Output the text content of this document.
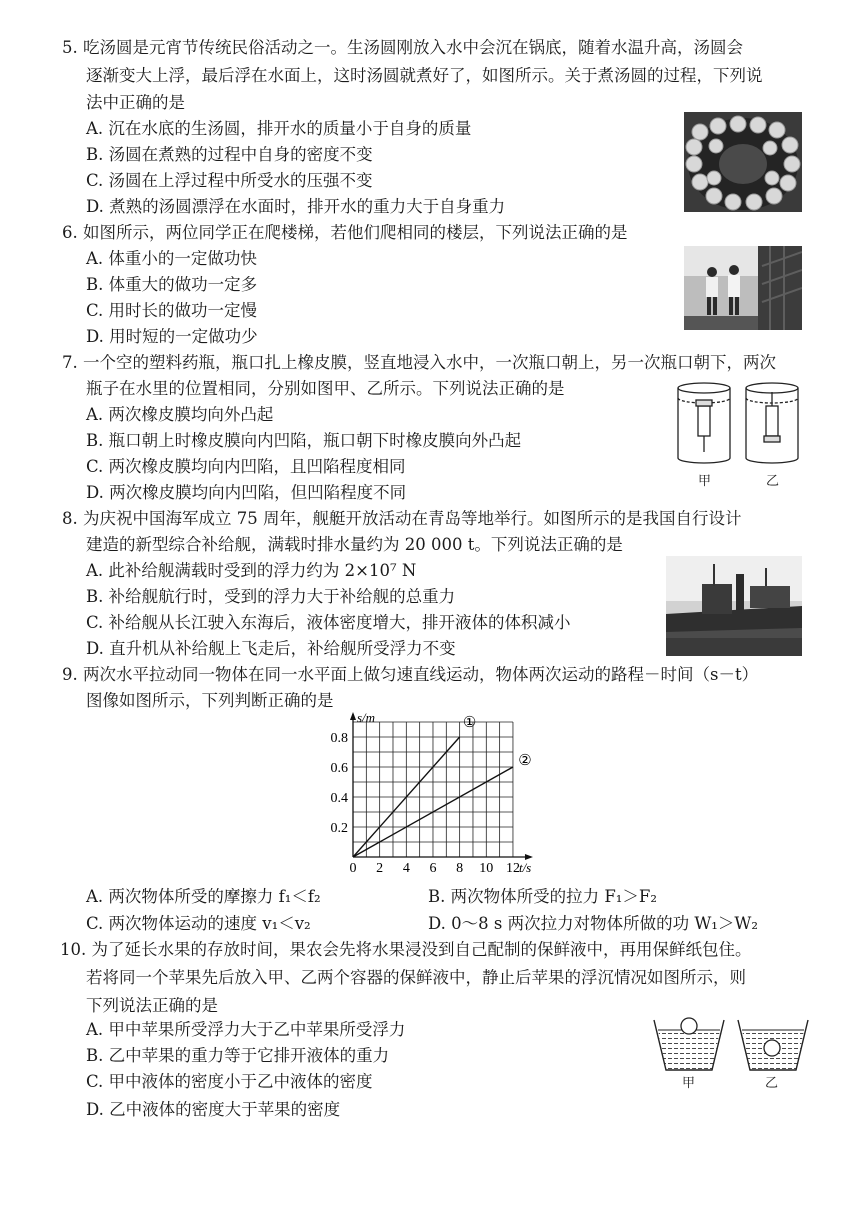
5. 吃汤圆是元宵节传统民俗活动之一。生汤圆刚放入水中会沉在锅底，随着水温升高，汤圆会
逐渐变大上浮，最后浮在水面上，这时汤圆就煮好了，如图所示。关于煮汤圆的过程，下列说
法中正确的是
A. 沉在水底的生汤圆，排开水的质量小于自身的质量
B. 汤圆在煮熟的过程中自身的密度不变
C. 汤圆在上浮过程中所受水的压强不变
D. 煮熟的汤圆漂浮在水面时，排开水的重力大于自身重力
6. 如图所示，两位同学正在爬楼梯，若他们爬相同的楼层，下列说法正确的是
A. 体重小的一定做功快
B. 体重大的做功一定多
C. 用时长的做功一定慢
D. 用时短的一定做功少
7. 一个空的塑料药瓶，瓶口扎上橡皮膜，竖直地浸入水中，一次瓶口朝上，另一次瓶口朝下，两次
瓶子在水里的位置相同，分别如图甲、乙所示。下列说法正确的是
A. 两次橡皮膜均向外凸起
B. 瓶口朝上时橡皮膜向内凹陷，瓶口朝下时橡皮膜向外凸起
C. 两次橡皮膜均向内凹陷，且凹陷程度相同
D. 两次橡皮膜均向内凹陷，但凹陷程度不同
甲	乙
8. 为庆祝中国海军成立 75 周年，舰艇开放活动在青岛等地举行。如图所示的是我国自行设计
建造的新型综合补给舰，满载时排水量约为 20 000 t。下列说法正确的是
A. 此补给舰满载时受到的浮力约为 2×10⁷ N
B. 补给舰航行时，受到的浮力大于补给舰的总重力
C. 补给舰从长江驶入东海后，液体密度增大，排开液体的体积减小
D. 直升机从补给舰上飞走后，补给舰所受浮力不变
9. 两次水平拉动同一物体在同一水平面上做匀速直线运动，物体两次运动的路程－时间（s－t）
图像如图所示，下列判断正确的是
0 2 4 6 8 10 12
0.2
0.4
0.6
0.8
s/m
t/s
①
②
A. 两次物体所受的摩擦力 f₁＜f₂	B. 两次物体所受的拉力 F₁＞F₂
C. 两次物体运动的速度 v₁＜v₂	D. 0～8 s 两次拉力对物体所做的功 W₁＞W₂
10. 为了延长水果的存放时间，果农会先将水果浸没到自己配制的保鲜液中，再用保鲜纸包住。
若将同一个苹果先后放入甲、乙两个容器的保鲜液中，静止后苹果的浮沉情况如图所示，则
下列说法正确的是
A. 甲中苹果所受浮力大于乙中苹果所受浮力
B. 乙中苹果的重力等于它排开液体的重力
C. 甲中液体的密度小于乙中液体的密度
D. 乙中液体的密度大于苹果的密度
甲	乙
